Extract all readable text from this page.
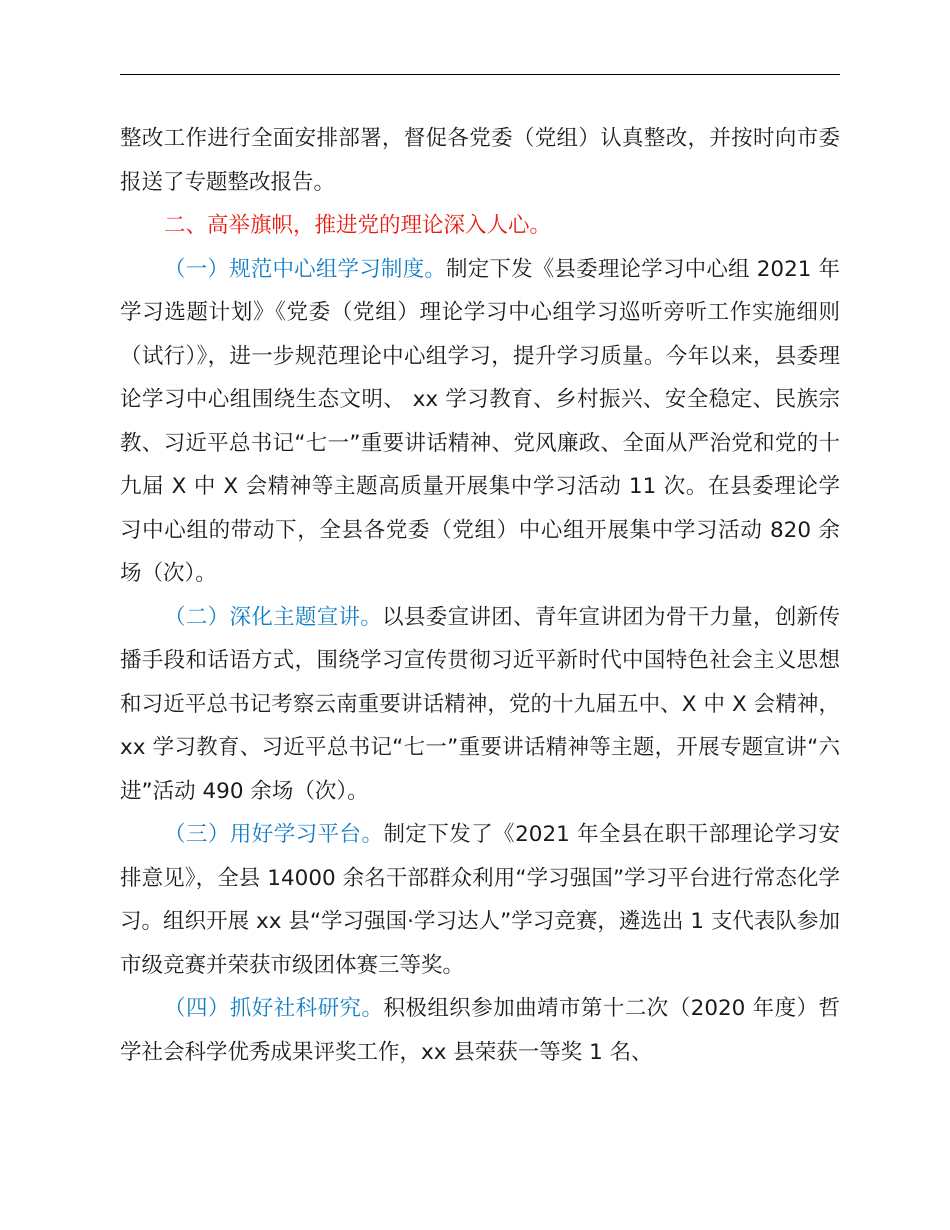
整改工作进行全面安排部署，督促各党委（党组）认真整改，并按时向市委报送了专题整改报告。

二、高举旗帜，推进党的理论深入人心。

（一）规范中心组学习制度。制定下发《县委理论学习中心组 2021 年学习选题计划》《党委（党组）理论学习中心组学习巡听旁听工作实施细则（试行）》，进一步规范理论中心组学习，提升学习质量。今年以来，县委理论学习中心组围绕生态文明、 xx 学习教育、乡村振兴、安全稳定、民族宗教、习近平总书记“七一”重要讲话精神、党风廉政、全面从严治党和党的十九届 X 中 X 会精神等主题高质量开展集中学习活动 11 次。在县委理论学习中心组的带动下，全县各党委（党组）中心组开展集中学习活动 820 余场（次）。

（二）深化主题宣讲。以县委宣讲团、青年宣讲团为骨干力量，创新传播手段和话语方式，围绕学习宣传贯彻习近平新时代中国特色社会主义思想和习近平总书记考察云南重要讲话精神，党的十九届五中、X 中 X 会精神，xx 学习教育、习近平总书记“七一”重要讲话精神等主题，开展专题宣讲“六进”活动 490 余场（次）。

（三）用好学习平台。制定下发了《2021 年全县在职干部理论学习安排意见》，全县 14000 余名干部群众利用“学习强国”学习平台进行常态化学习。组织开展 xx 县“学习强国·学习达人”学习竞赛，遴选出 1 支代表队参加市级竞赛并荣获市级团体赛三等奖。

（四）抓好社科研究。积极组织参加曲靖市第十二次（2020 年度）哲学社会科学优秀成果评奖工作，xx 县荣获一等奖 1 名、
